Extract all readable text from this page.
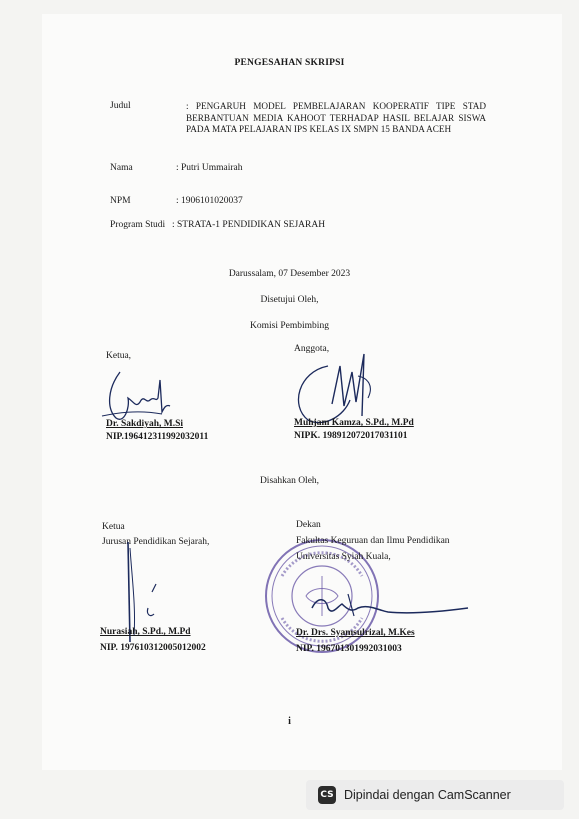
PENGESAHAN SKRIPSI
Judul	: PENGARUH MODEL PEMBELAJARAN KOOPERATIF TIPE STAD BERBANTUAN MEDIA KAHOOT TERHADAP HASIL BELAJAR SISWA PADA MATA PELAJARAN IPS KELAS IX SMPN 15 BANDA ACEH
Nama	: Putri Ummairah
NPM	: 1906101020037
Program Studi : STRATA-1 PENDIDIKAN SEJARAH
Darussalam, 07 Desember 2023
Disetujui Oleh,
Komisi Pembimbing
Ketua,
Dr. Sakdiyah, M.Si
NIP.196412311992032011
Anggota,
Muhjam Kamza, S.Pd., M.Pd
NIPK. 198912072017031101
Disahkan Oleh,
Ketua
Jurusan Pendidikan Sejarah,
Nurasiah, S.Pd., M.Pd
NIP. 197610312005012002
Dekan
Fakultas Keguruan dan Ilmu Pendidikan
Universitas Syiah Kuala,
Dr. Drs. Syamsulrizal, M.Kes
NIP. 196701301992031003
i
CS Dipindai dengan CamScanner
